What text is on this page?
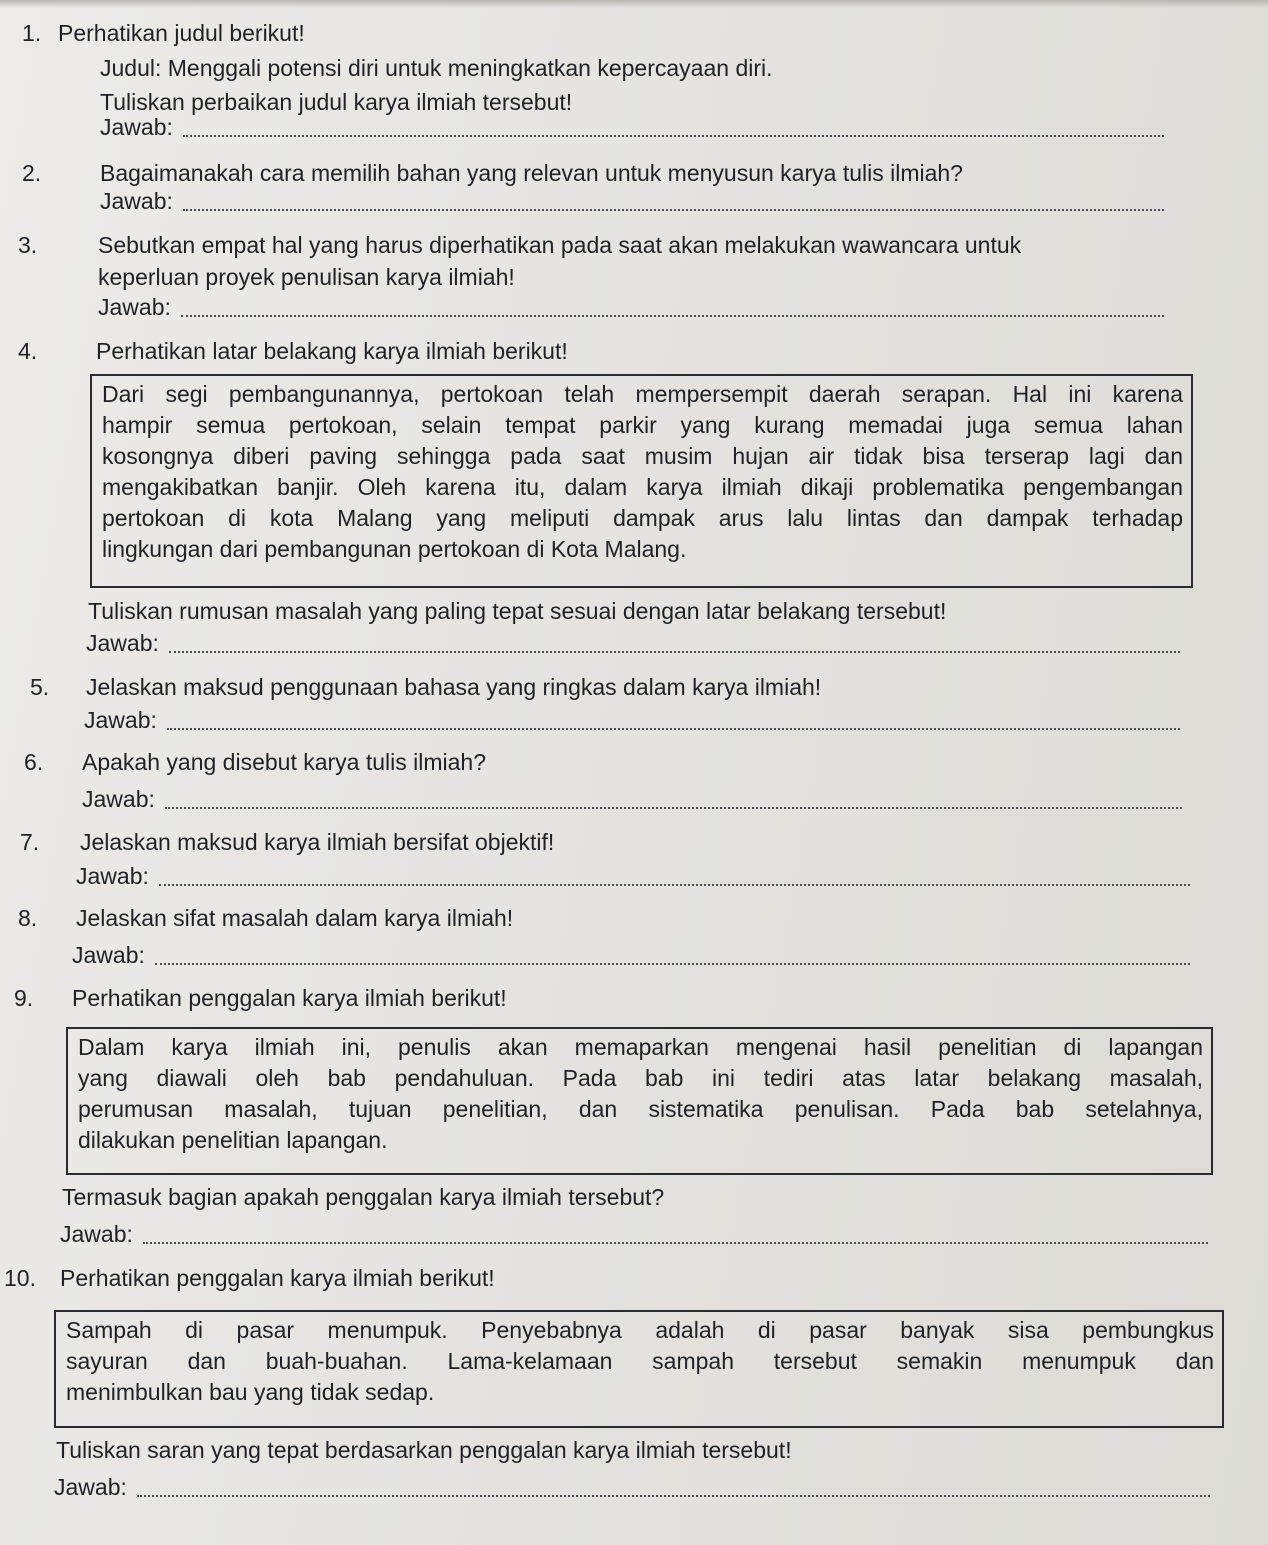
1. Perhatikan judul berikut!
Judul: Menggali potensi diri untuk meningkatkan kepercayaan diri.
Tuliskan perbaikan judul karya ilmiah tersebut!
Jawab:
2.	Bagaimanakah cara memilih bahan yang relevan untuk menyusun karya tulis ilmiah?
Jawab:
3.	Sebutkan empat hal yang harus diperhatikan pada saat akan melakukan wawancara untuk
keperluan proyek penulisan karya ilmiah!
Jawab:
4.	Perhatikan latar belakang karya ilmiah berikut!
Dari segi pembangunannya, pertokoan telah mempersempit daerah serapan. Hal ini karena
hampir semua pertokoan, selain tempat parkir yang kurang memadai juga semua lahan
kosongnya diberi paving sehingga pada saat musim hujan air tidak bisa terserap lagi dan
mengakibatkan banjir. Oleh karena itu, dalam karya ilmiah dikaji problematika pengembangan
pertokoan di kota Malang yang meliputi dampak arus lalu lintas dan dampak terhadap
lingkungan dari pembangunan pertokoan di Kota Malang.
Tuliskan rumusan masalah yang paling tepat sesuai dengan latar belakang tersebut!
Jawab:
5. Jelaskan maksud penggunaan bahasa yang ringkas dalam karya ilmiah!
Jawab:
6. Apakah yang disebut karya tulis ilmiah?
Jawab:
7. Jelaskan maksud karya ilmiah bersifat objektif!
Jawab:
8. Jelaskan sifat masalah dalam karya ilmiah!
Jawab:
9. Perhatikan penggalan karya ilmiah berikut!
Dalam karya ilmiah ini, penulis akan memaparkan mengenai hasil penelitian di lapangan
yang diawali oleh bab pendahuluan. Pada bab ini tediri atas latar belakang masalah,
perumusan masalah, tujuan penelitian, dan sistematika penulisan. Pada bab setelahnya,
dilakukan penelitian lapangan.
Termasuk bagian apakah penggalan karya ilmiah tersebut?
Jawab:
10. Perhatikan penggalan karya ilmiah berikut!
Sampah di pasar menumpuk. Penyebabnya adalah di pasar banyak sisa pembungkus
sayuran dan buah-buahan. Lama-kelamaan sampah tersebut semakin menumpuk dan
menimbulkan bau yang tidak sedap.
Tuliskan saran yang tepat berdasarkan penggalan karya ilmiah tersebut!
Jawab:
